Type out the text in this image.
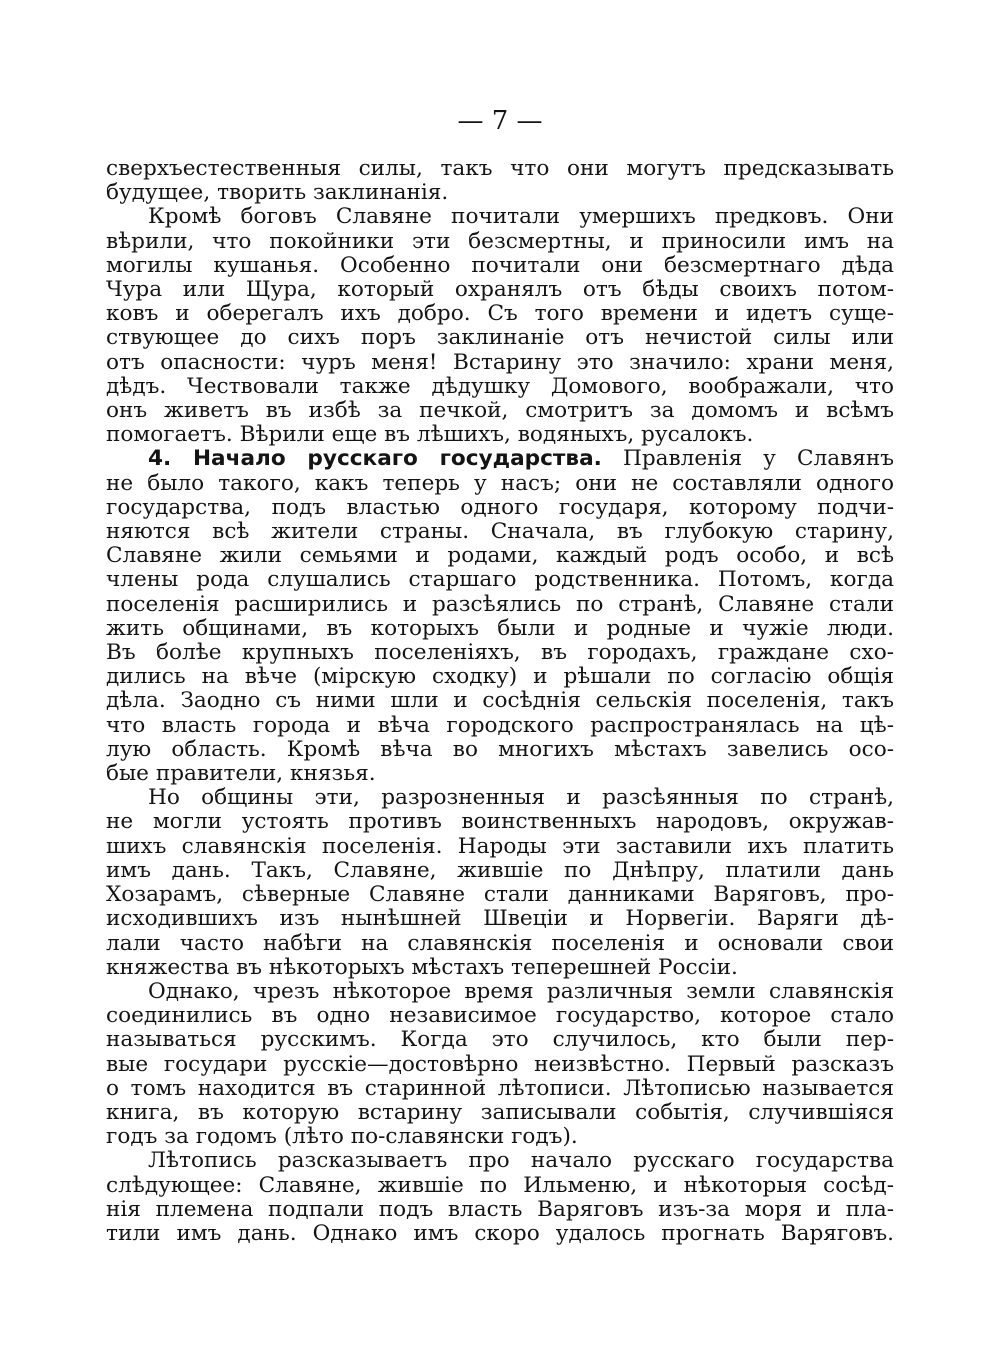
— 7 —
сверхъестественныя силы, такъ что они могутъ предсказывать
будущее, творить заклинанія.
Кромѣ боговъ Славяне почитали умершихъ предковъ. Они
вѣрили, что покойники эти безсмертны, и приносили имъ на
могилы кушанья. Особенно почитали они безсмертнаго дѣда
Чура или Щура, который охранялъ отъ бѣды своихъ потом-
ковъ и оберегалъ ихъ добро. Съ того времени и идетъ суще-
ствующее до сихъ поръ заклинаніе отъ нечистой силы или
отъ опасности: чуръ меня! Встарину это значило: храни меня,
дѣдъ. Чествовали также дѣдушку Домового, воображали, что
онъ живетъ въ избѣ за печкой, смотритъ за домомъ и всѣмъ
помогаетъ. Вѣрили еще въ лѣшихъ, водяныхъ, русалокъ.
4. Начало русскаго государства. Правленія у Славянъ
не было такого, какъ теперь у насъ; они не составляли одного
государства, подъ властью одного государя, которому подчи-
няются всѣ жители страны. Сначала, въ глубокую старину,
Славяне жили семьями и родами, каждый родъ особо, и всѣ
члены рода слушались старшаго родственника. Потомъ, когда
поселенія расширились и разсѣялись по странѣ, Славяне стали
жить общинами, въ которыхъ были и родные и чужіе люди.
Въ болѣе крупныхъ поселеніяхъ, въ городахъ, граждане схо-
дились на вѣче (мірскую сходку) и рѣшали по согласію общія
дѣла. Заодно съ ними шли и сосѣднія сельскія поселенія, такъ
что власть города и вѣча городского распространялась на цѣ-
лую область. Кромѣ вѣча во многихъ мѣстахъ завелись осо-
бые правители, князья.
Но общины эти, разрозненныя и разсѣянныя по странѣ,
не могли устоять противъ воинственныхъ народовъ, окружав-
шихъ славянскія поселенія. Народы эти заставили ихъ платить
имъ дань. Такъ, Славяне, жившіе по Днѣпру, платили дань
Хозарамъ, сѣверные Славяне стали данниками Варяговъ, про-
исходившихъ изъ нынѣшней Швеціи и Норвегіи. Варяги дѣ-
лали часто набѣги на славянскія поселенія и основали свои
княжества въ нѣкоторыхъ мѣстахъ теперешней Россіи.
Однако, чрезъ нѣкоторое время различныя земли славянскія
соединились въ одно независимое государство, которое стало
называться русскимъ. Когда это случилось, кто были пер-
вые государи русскіе—достовѣрно неизвѣстно. Первый разсказъ
о томъ находится въ старинной лѣтописи. Лѣтописью называется
книга, въ которую встарину записывали событія, случившіяся
годъ за годомъ (лѣто по-славянски годъ).
Лѣтопись разсказываетъ про начало русскаго государства
слѣдующее: Славяне, жившіе по Ильменю, и нѣкоторыя сосѣд-
нія племена подпали подъ власть Варяговъ изъ-за моря и пла-
тили имъ дань. Однако имъ скоро удалось прогнать Варяговъ.
